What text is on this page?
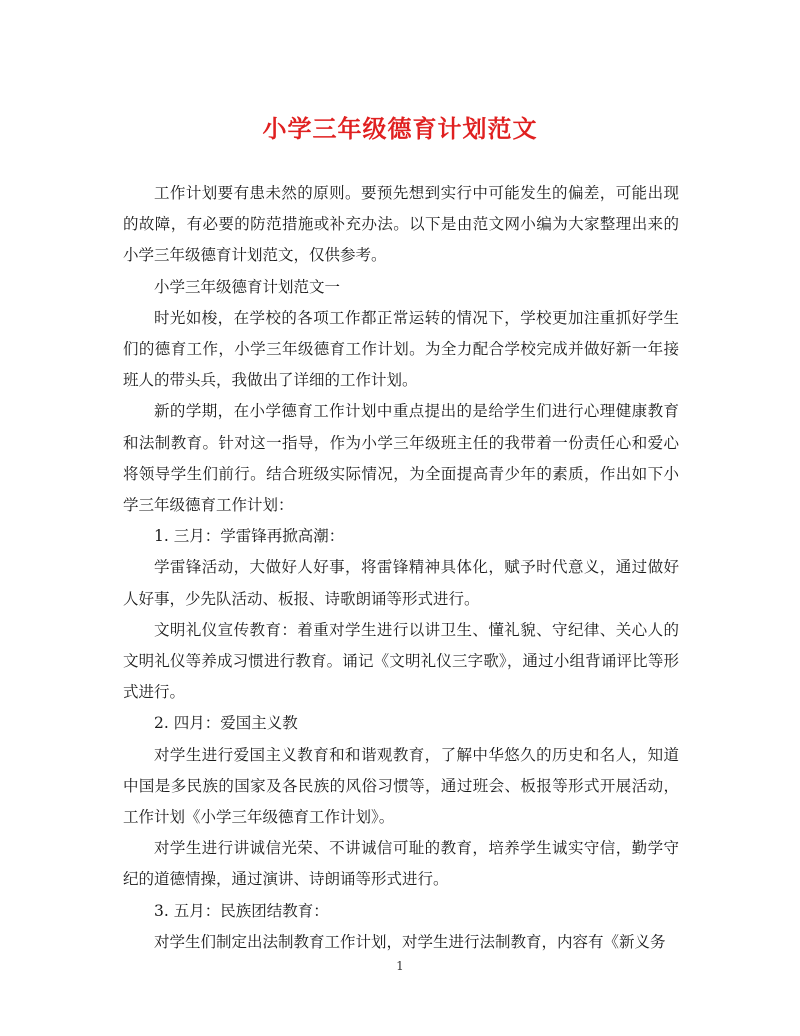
小学三年级德育计划范文

工作计划要有患未然的原则。要预先想到实行中可能发生的偏差，可能出现的故障，有必要的防范措施或补充办法。以下是由范文网小编为大家整理出来的小学三年级德育计划范文，仅供参考。

小学三年级德育计划范文一

时光如梭，在学校的各项工作都正常运转的情况下，学校更加注重抓好学生们的德育工作，小学三年级德育工作计划。为全力配合学校完成并做好新一年接班人的带头兵，我做出了详细的工作计划。

新的学期，在小学德育工作计划中重点提出的是给学生们进行心理健康教育和法制教育。针对这一指导，作为小学三年级班主任的我带着一份责任心和爱心将领导学生们前行。结合班级实际情况，为全面提高青少年的素质，作出如下小学三年级德育工作计划：

1. 三月：学雷锋再掀高潮：

学雷锋活动，大做好人好事，将雷锋精神具体化，赋予时代意义，通过做好人好事，少先队活动、板报、诗歌朗诵等形式进行。

文明礼仪宣传教育：着重对学生进行以讲卫生、懂礼貌、守纪律、关心人的文明礼仪等养成习惯进行教育。诵记《文明礼仪三字歌》，通过小组背诵评比等形式进行。

2. 四月：爱国主义教

对学生进行爱国主义教育和和谐观教育，了解中华悠久的历史和名人，知道中国是多民族的国家及各民族的风俗习惯等，通过班会、板报等形式开展活动，工作计划《小学三年级德育工作计划》。

对学生进行讲诚信光荣、不讲诚信可耻的教育，培养学生诚实守信，勤学守纪的道德情操，通过演讲、诗朗诵等形式进行。

3. 五月：民族团结教育：

对学生们制定出法制教育工作计划，对学生进行法制教育，内容有《新义务

1
